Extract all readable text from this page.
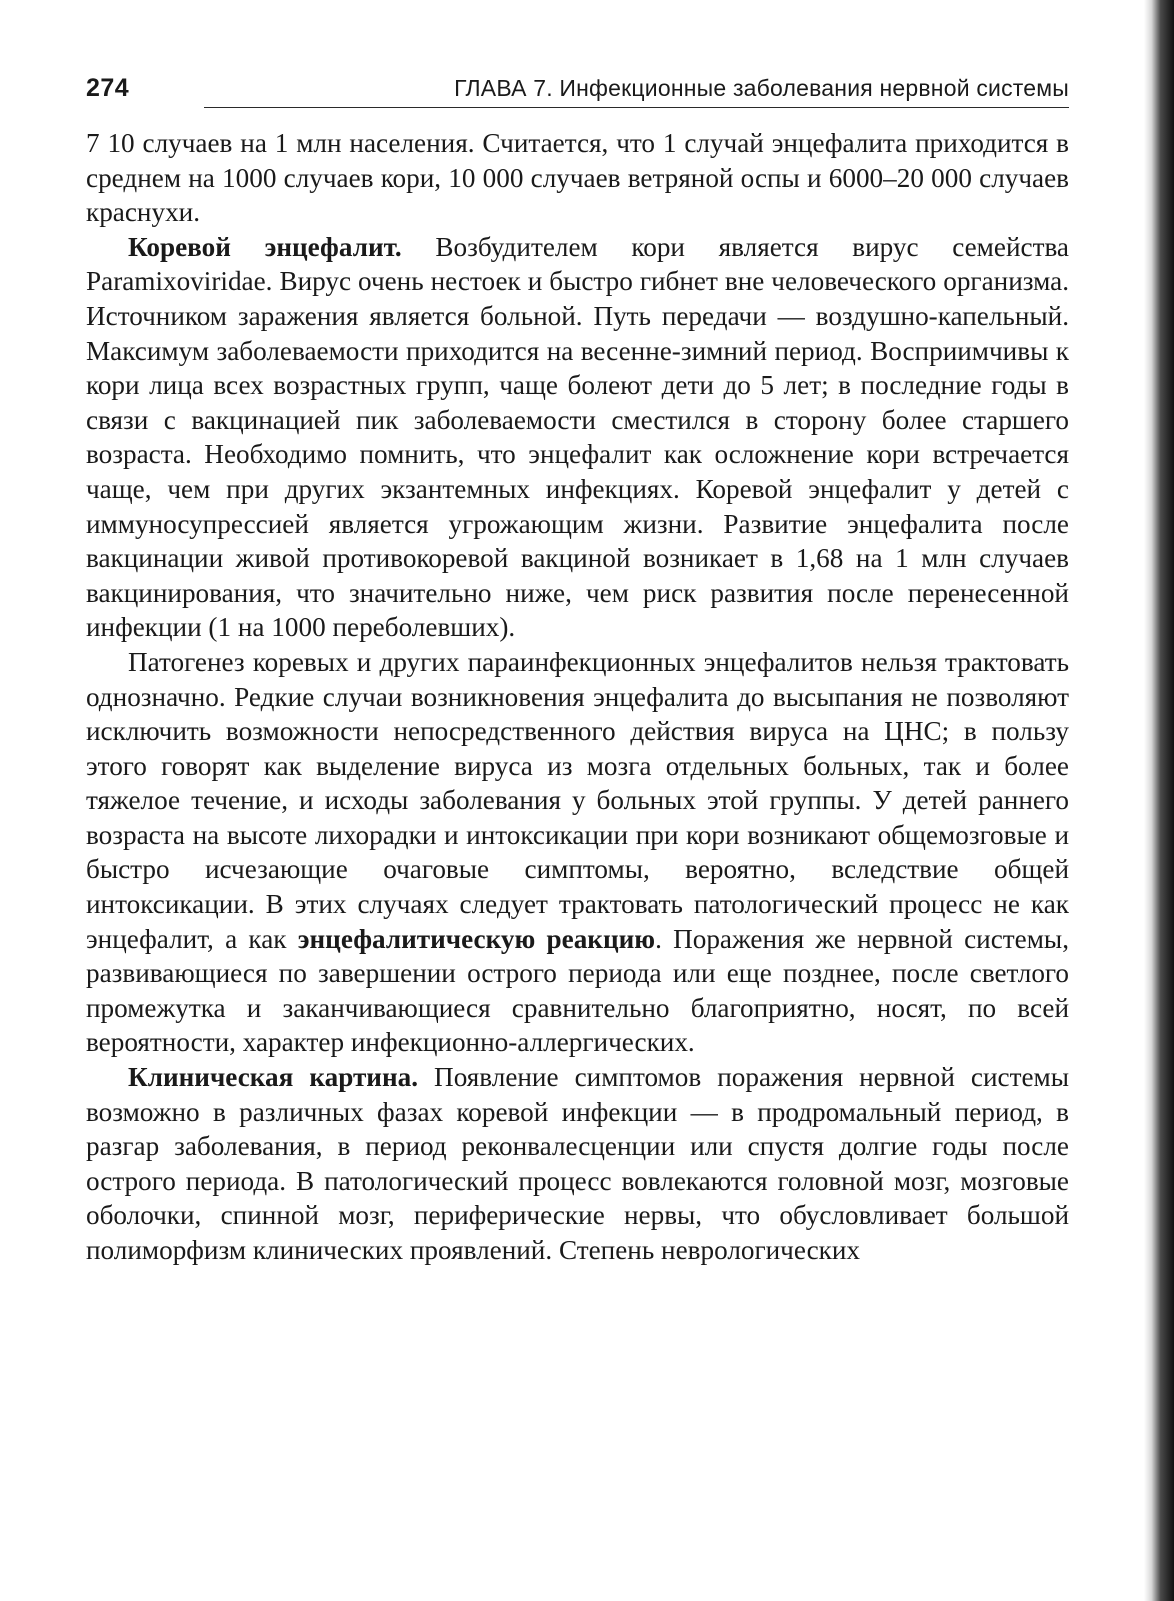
274	ГЛАВА 7. Инфекционные заболевания нервной системы

7 10 случаев на 1 млн населения. Считается, что 1 случай энцефалита приходится в среднем на 1000 случаев кори, 10 000 случаев ветряной оспы и 6000–20 000 случаев краснухи.

Коревой энцефалит. Возбудителем кори является вирус семейства Paramixoviridae. Вирус очень нестоек и быстро гибнет вне человеческого организма. Источником заражения является больной. Путь передачи — воздушно-капельный. Максимум заболеваемости приходится на весенне-зимний период. Восприимчивы к кори лица всех возрастных групп, чаще болеют дети до 5 лет; в последние годы в связи с вакцинацией пик заболеваемости сместился в сторону более старшего возраста. Необходимо помнить, что энцефалит как осложнение кори встречается чаще, чем при других экзантемных инфекциях. Коревой энцефалит у детей с иммуносупрессией является угрожающим жизни. Развитие энцефалита после вакцинации живой противокоревой вакциной возникает в 1,68 на 1 млн случаев вакцинирования, что значительно ниже, чем риск развития после перенесенной инфекции (1 на 1000 переболевших).

Патогенез коревых и других параинфекционных энцефалитов нельзя трактовать однозначно. Редкие случаи возникновения энцефалита до высыпания не позволяют исключить возможности непосредственного действия вируса на ЦНС; в пользу этого говорят как выделение вируса из мозга отдельных больных, так и более тяжелое течение, и исходы заболевания у больных этой группы. У детей раннего возраста на высоте лихорадки и интоксикации при кори возникают общемозговые и быстро исчезающие очаговые симптомы, вероятно, вследствие общей интоксикации. В этих случаях следует трактовать патологический процесс не как энцефалит, а как энцефалитическую реакцию. Поражения же нервной системы, развивающиеся по завершении острого периода или еще позднее, после светлого промежутка и заканчивающиеся сравнительно благоприятно, носят, по всей вероятности, характер инфекционно-аллергических.

Клиническая картина. Появление симптомов поражения нервной системы возможно в различных фазах коревой инфекции — в продромальный период, в разгар заболевания, в период реконвалесценции или спустя долгие годы после острого периода. В патологический процесс вовлекаются головной мозг, мозговые оболочки, спинной мозг, периферические нервы, что обусловливает большой полиморфизм клинических проявлений. Степень неврологических
